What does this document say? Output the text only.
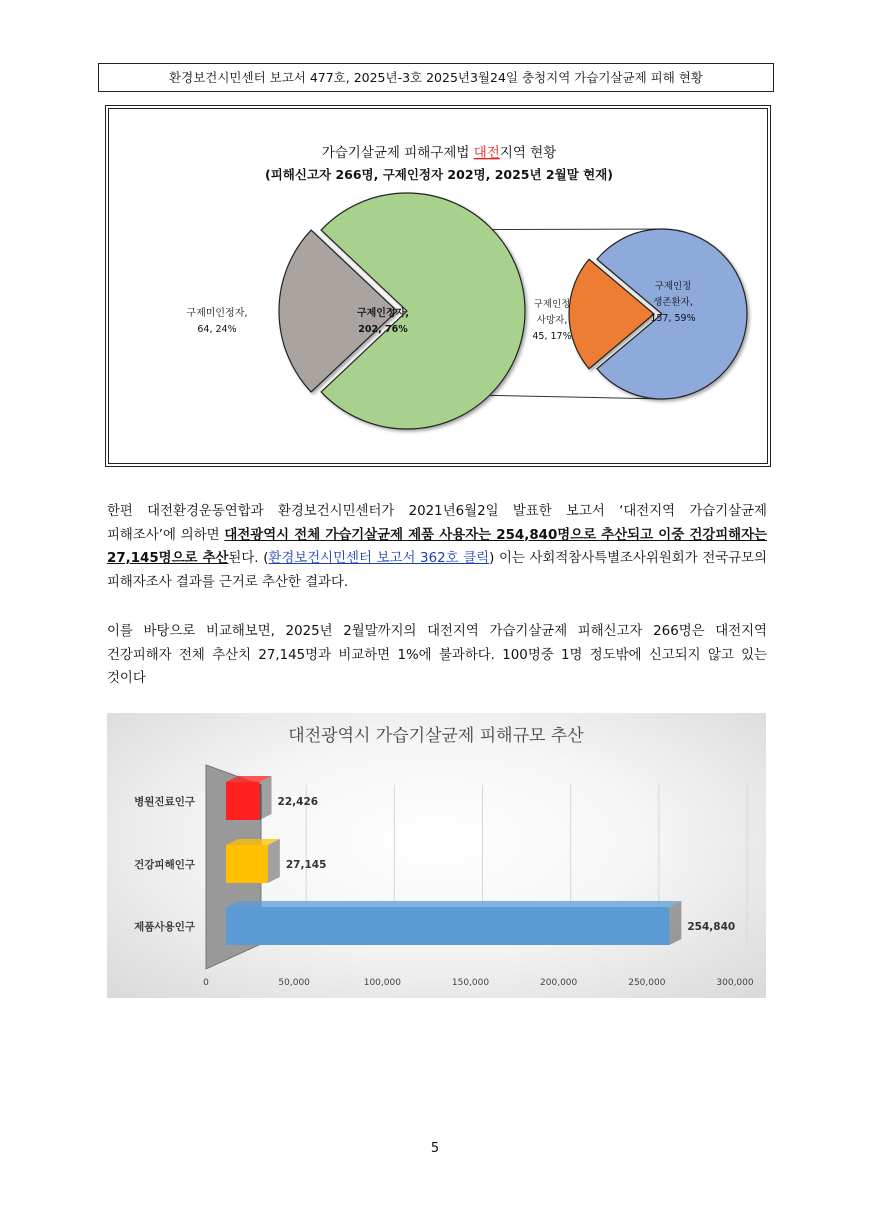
환경보건시민센터 보고서 477호, 2025년-3호 2025년3월24일 충청지역 가습기살균제 피해 현황
가습기살균제 피해구제법 대전지역 현황
(피해신고자 266명, 구제인정자 202명, 2025년 2월말 현재)
구제미인정자,
64, 24%
구제인정자,
202, 76%
구제인정
사망자,
45, 17%
구제인정
생존환자,
157, 59%
한편 대전환경운동연합과 환경보건시민센터가 2021년6월2일 발표한 보고서 ‘대전지역 가습기살균제 피해조사’에 의하면 대전광역시 전체 가습기살균제 제품 사용자는 254,840명으로 추산되고 이중 건강피해자는 27,145명으로 추산된다. (환경보건시민센터 보고서 362호 클릭) 이는 사회적참사특별조사위원회가 전국규모의 피해자조사 결과를 근거로 추산한 결과다.
이를 바탕으로 비교해보면, 2025년 2월말까지의 대전지역 가습기살균제 피해신고자 266명은 대전지역 건강피해자 전체 추산치 27,145명과 비교하면 1%에 불과하다. 100명중 1명 정도밖에 신고되지 않고 있는 것이다
대전광역시 가습기살균제 피해규모 추산
0	50,000	100,000	150,000	200,000	250,000	300,000
병원진료인구	22,426
건강피해인구	27,145
제품사용인구	254,840
5
